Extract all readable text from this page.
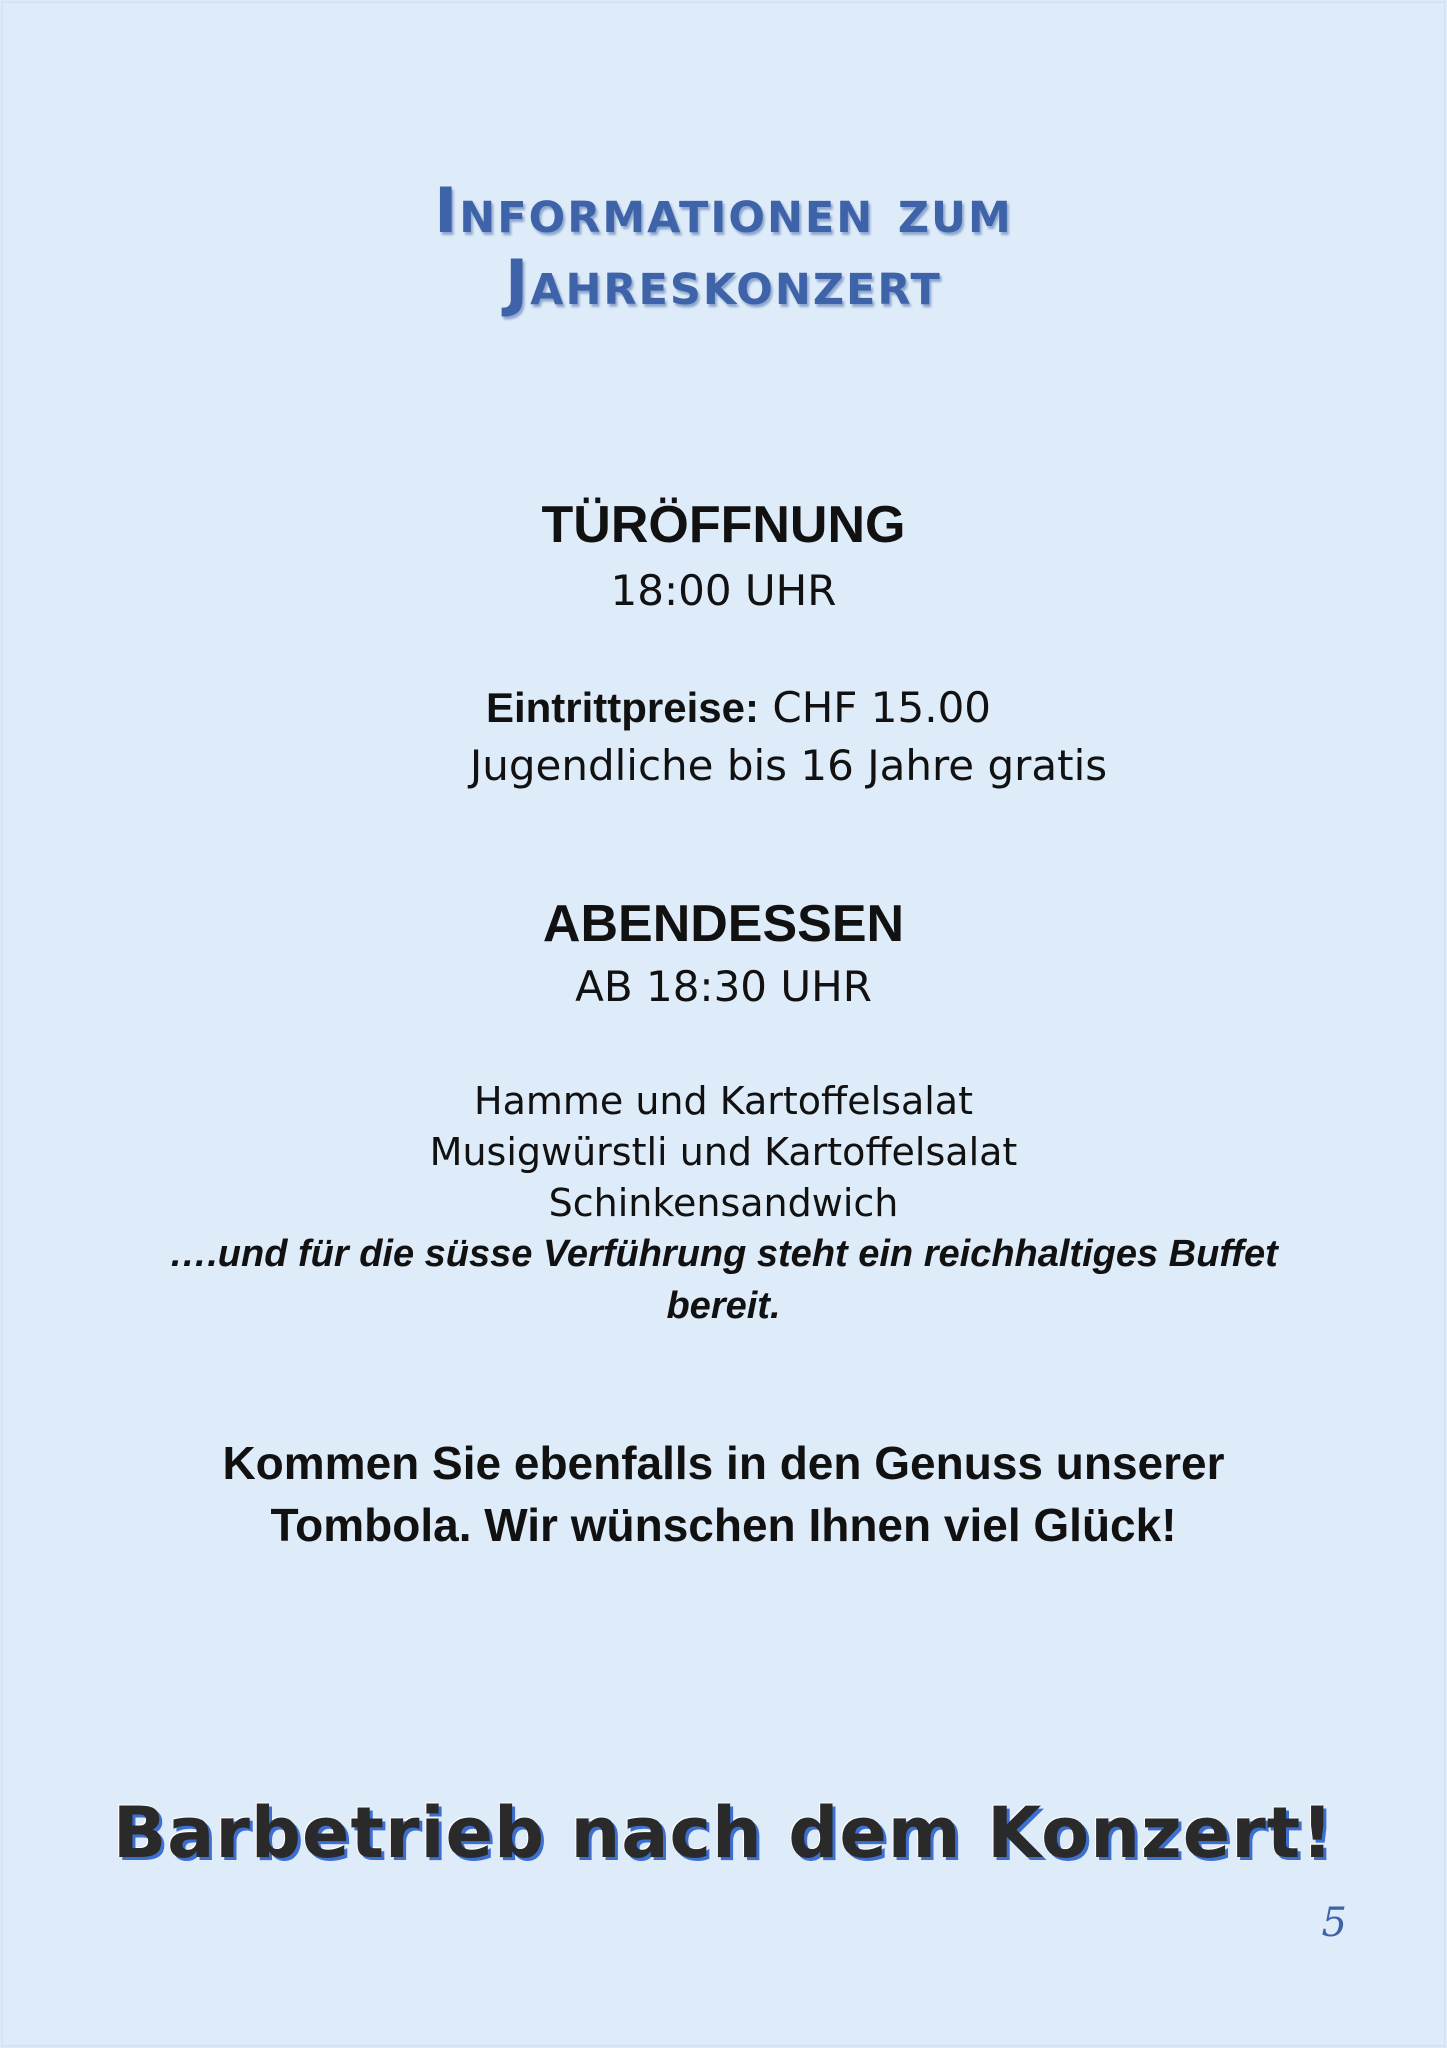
Informationen zum
Jahreskonzert
TÜRÖFFNUNG
18:00 UHR
Eintrittpreise: CHF 15.00
Jugendliche bis 16 Jahre gratis
ABENDESSEN
AB 18:30 UHR
Hamme und Kartoffelsalat
Musigwürstli und Kartoffelsalat
Schinkensandwich
….und für die süsse Verführung steht ein reichhaltiges Buffet
bereit.
Kommen Sie ebenfalls in den Genuss unserer
Tombola. Wir wünschen Ihnen viel Glück!
Barbetrieb nach dem Konzert!
5
